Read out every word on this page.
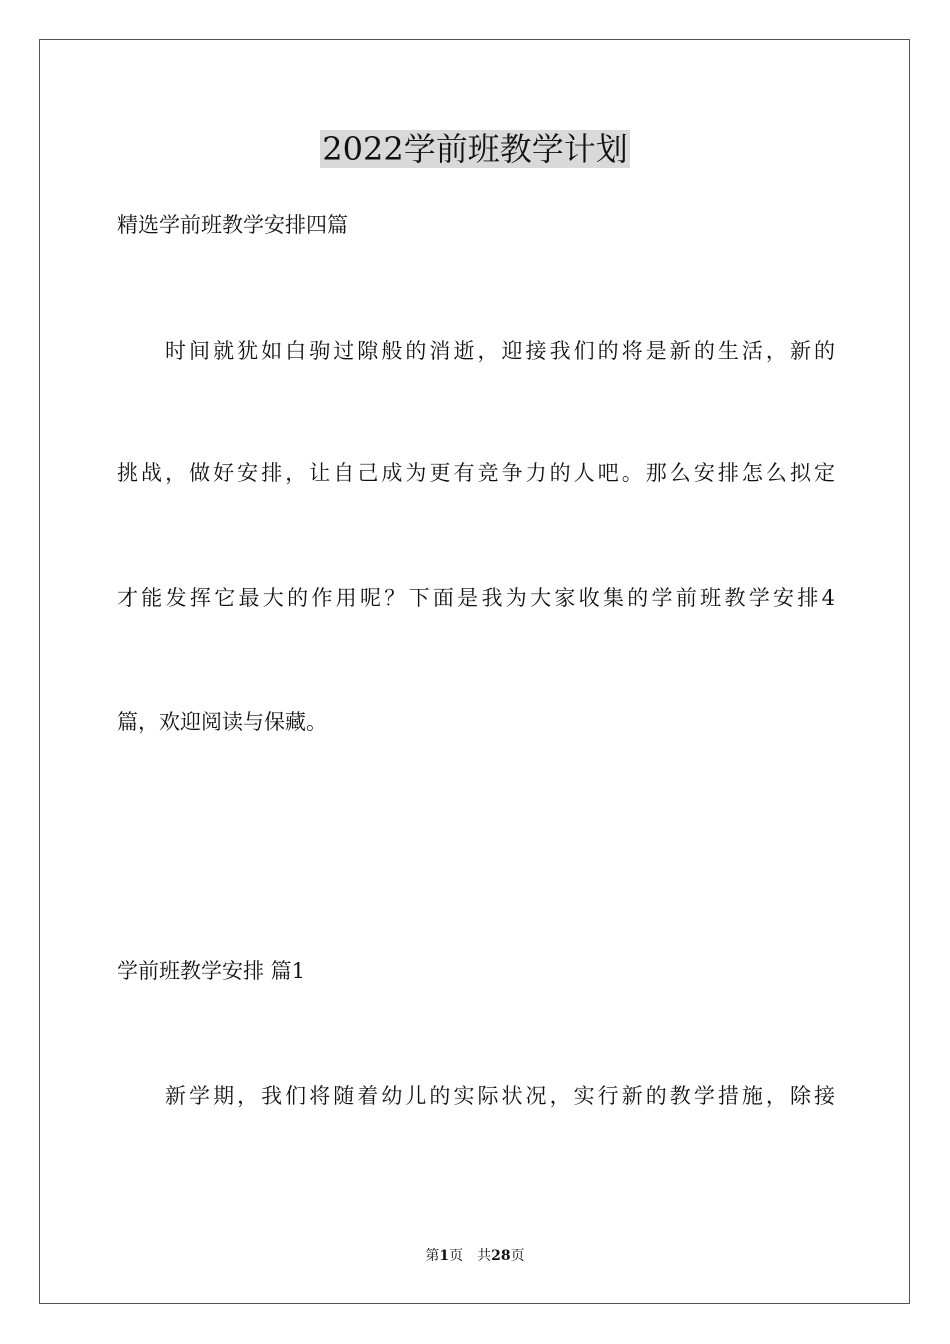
2022学前班教学计划

精选学前班教学安排四篇

时间就犹如白驹过隙般的消逝，迎接我们的将是新的生活，新的

挑战，做好安排，让自己成为更有竞争力的人吧。那么安排怎么拟定

才能发挥它最大的作用呢？下面是我为大家收集的学前班教学安排4

篇，欢迎阅读与保藏。

学前班教学安排 篇1

新学期，我们将随着幼儿的实际状况，实行新的教学措施，除接

第1页 共28页
